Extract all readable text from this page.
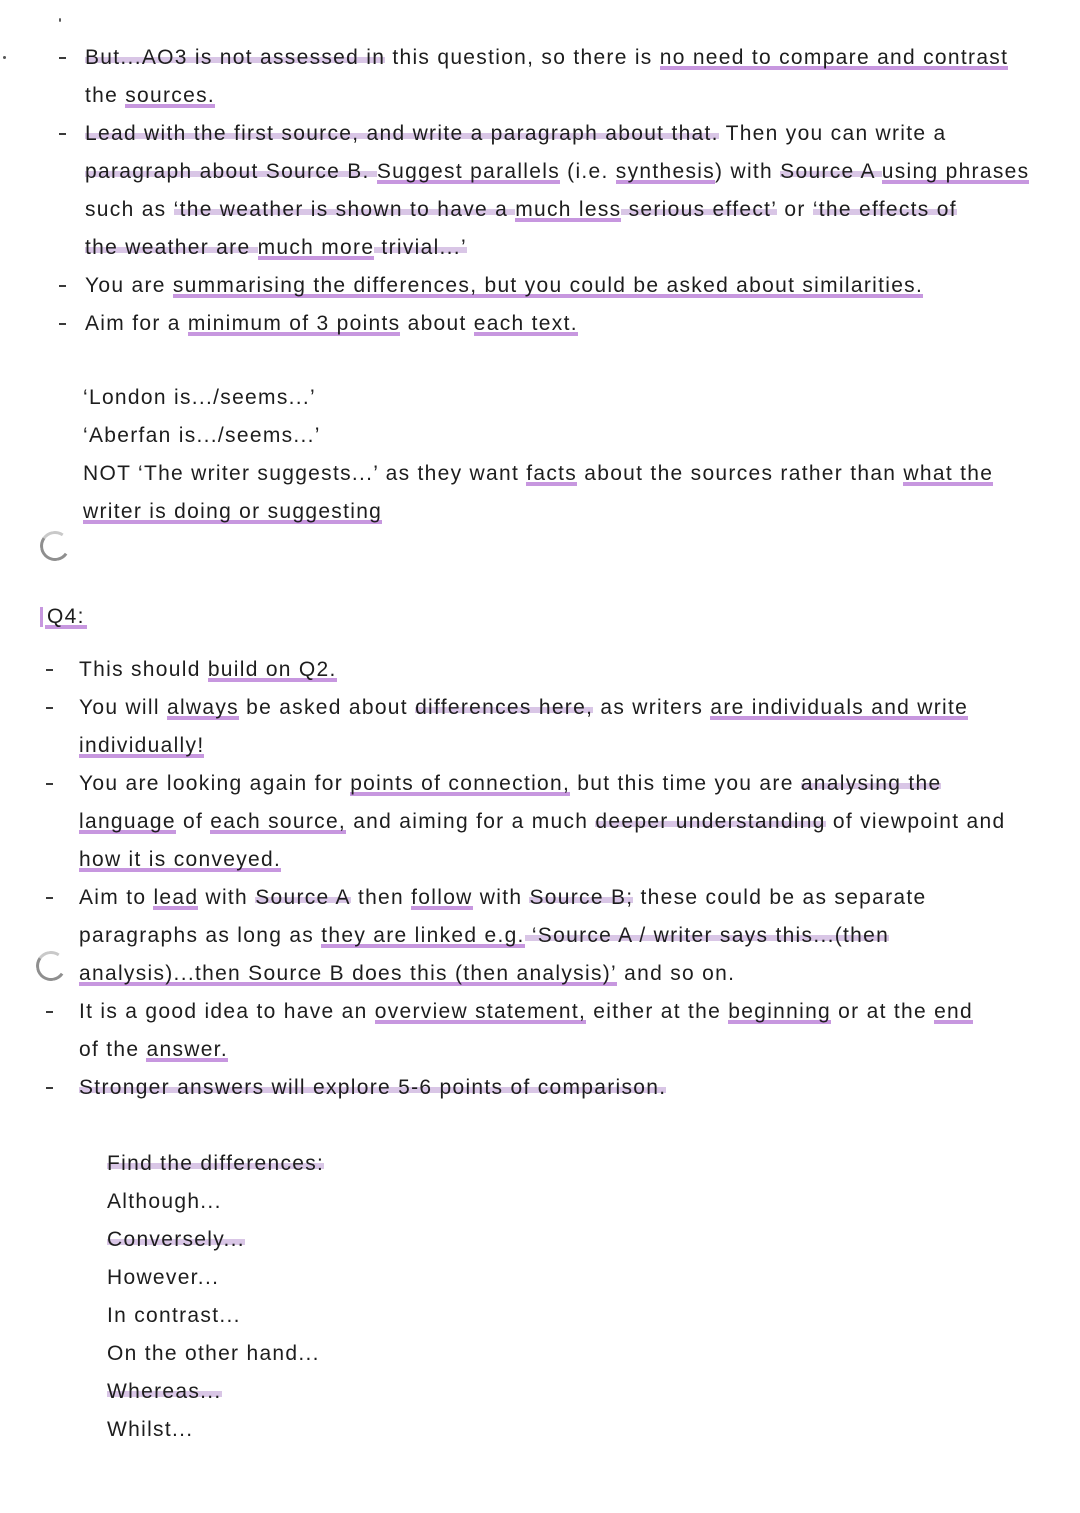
But...AO3 is not assessed in this question, so there is no need to compare and contrast
the sources.
Lead with the first source, and write a paragraph about that. Then you can write a
paragraph about Source B. Suggest parallels (i.e. synthesis ) with Source A using phrases
such as ‘the weather is shown to have a much less serious effect’ or ‘the effects of
the weather are much more trivial...’
You are summarising the differences, but you could be asked about similarities.
Aim for a minimum of 3 points about each text.
‘London is.../seems...’
‘Aberfan is.../seems...’
NOT ‘The writer suggests...’ as they want facts about the sources rather than what the
writer is doing or suggesting
Q4:
This should build on Q2.
You will always be asked about differences here, as writers are individuals and write
individually!
You are looking again for points of connection, but this time you are analysing the
language of each source, and aiming for a much deeper understanding of viewpoint and
how it is conveyed.
Aim to lead with Source A then follow with Source B; these could be as separate
paragraphs as long as they are linked e.g. ‘Source A / writer says this...(then
analysis)...then Source B does this (then analysis)’ and so on.
It is a good idea to have an overview statement, either at the beginning or at the end
of the answer.
Stronger answers will explore 5-6 points of comparison.
Find the differences:
Although...
Conversely...
However...
In contrast...
On the other hand...
Whereas...
Whilst...
